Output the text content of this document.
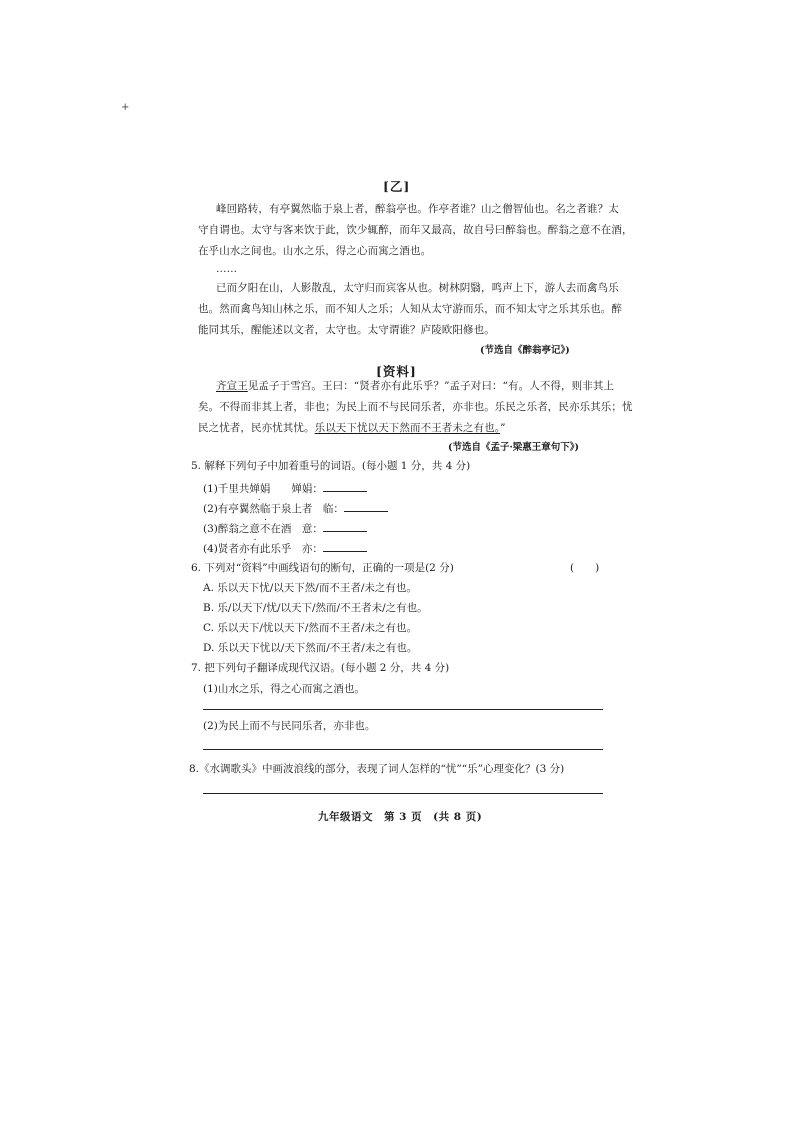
+
[乙]
峰回路转，有亭翼然临于泉上者，醉翁亭也。作亭者谁？山之僧智仙也。名之者谁？太
守自谓也。太守与客来饮于此，饮少辄醉，而年又最高，故自号曰醉翁也。醉翁之意不在酒，
在乎山水之间也。山水之乐，得之心而寓之酒也。
……
已而夕阳在山，人影散乱，太守归而宾客从也。树林阴翳，鸣声上下，游人去而禽鸟乐
也。然而禽鸟知山林之乐，而不知人之乐；人知从太守游而乐，而不知太守之乐其乐也。醉
能同其乐，醒能述以文者，太守也。太守谓谁？庐陵欧阳修也。
(节选自《醉翁亭记》)
[资料]
齐宣王见孟子于雪宫。王曰：“贤者亦有此乐乎？”孟子对曰：“有。人不得，则非其上
矣。不得而非其上者，非也；为民上而不与民同乐者，亦非也。乐民之乐者，民亦乐其乐；忧
民之忧者，民亦忧其忧。乐以天下忧以天下然而不王者未之有也。”
(节选自《孟子·梁惠王章句下》)
5. 解释下列句子中加着重号的词语。(每小题 1 分，共 4 分)
(1)千里共婵娟　　婵娟：
(2)有亭翼然临于泉上者　临：
(3)醉翁之意不在酒　意：
(4)贤者亦有此乐乎　亦：
6. 下列对“资料”中画线语句的断句，正确的一项是(2 分)	(　　)
A. 乐以天下忧/以天下然/而不王者/未之有也。
B. 乐/以天下/忧/以天下/然而/不王者未/之有也。
C. 乐以天下/忧以天下/然而不王者/未之有也。
D. 乐以天下忧以/天下然而/不王者/未之有也。
7. 把下列句子翻译成现代汉语。(每小题 2 分，共 4 分)
(1)山水之乐，得之心而寓之酒也。
(2)为民上而不与民同乐者，亦非也。
8.《水调歌头》中画波浪线的部分，表现了词人怎样的“忧”“乐”心理变化？(3 分)
九年级语文　第 3 页　(共 8 页)
